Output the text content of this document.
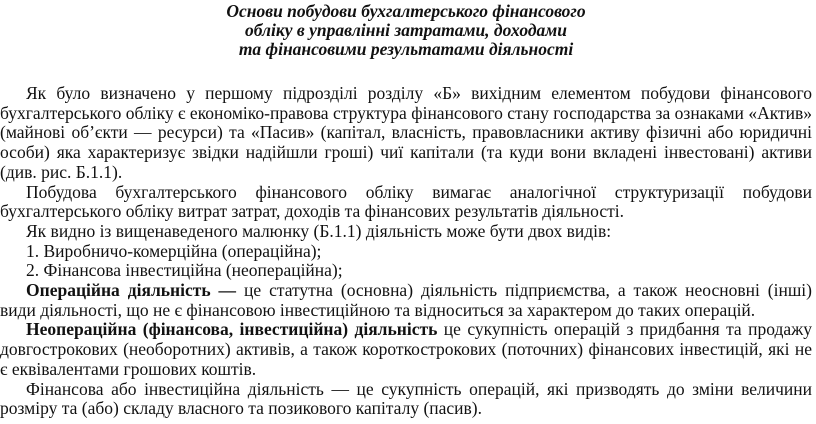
Основи побудови бухгалтерського фінансового
обліку в управлінні затратами, доходами
та фінансовими результатами діяльності

Як було визначено у першому підрозділі розділу «Б» вихідним елементом побудови фінансового бухгалтерського обліку є економіко-правова структура фінансового стану господарства за ознаками «Актив» (майнові об’єкти — ресурси) та «Пасив» (капітал, власність, правовласники активу фізичні або юридичні особи) яка характеризує звідки надійшли гроші) чиї капітали (та куди вони вкладені інвестовані) активи (див. рис. Б.1.1).

Побудова бухгалтерського фінансового обліку вимагає аналогічної структуризації побудови бухгалтерського обліку витрат затрат, доходів та фінансових результатів діяльності.

Як видно із вищенаведеного малюнку (Б.1.1) діяльність може бути двох видів:

1. Виробничо-комерційна (операційна);

2. Фінансова інвестиційна (неопераційна);

Операційна діяльність — це статутна (основна) діяльність підприємства, а також неосновні (інші) види діяльності, що не є фінансовою інвестиційною та відноситься за характером до таких операцій.

Неопераційна (фінансова, інвестиційна) діяльність це сукупність операцій з придбання та продажу довгострокових (необоротних) активів, а також короткострокових (поточних) фінансових інвестицій, які не є еквівалентами грошових коштів.

Фінансова або інвестиційна діяльність — це сукупність операцій, які призводять до зміни величини розміру та (або) складу власного та позикового капіталу (пасив).
